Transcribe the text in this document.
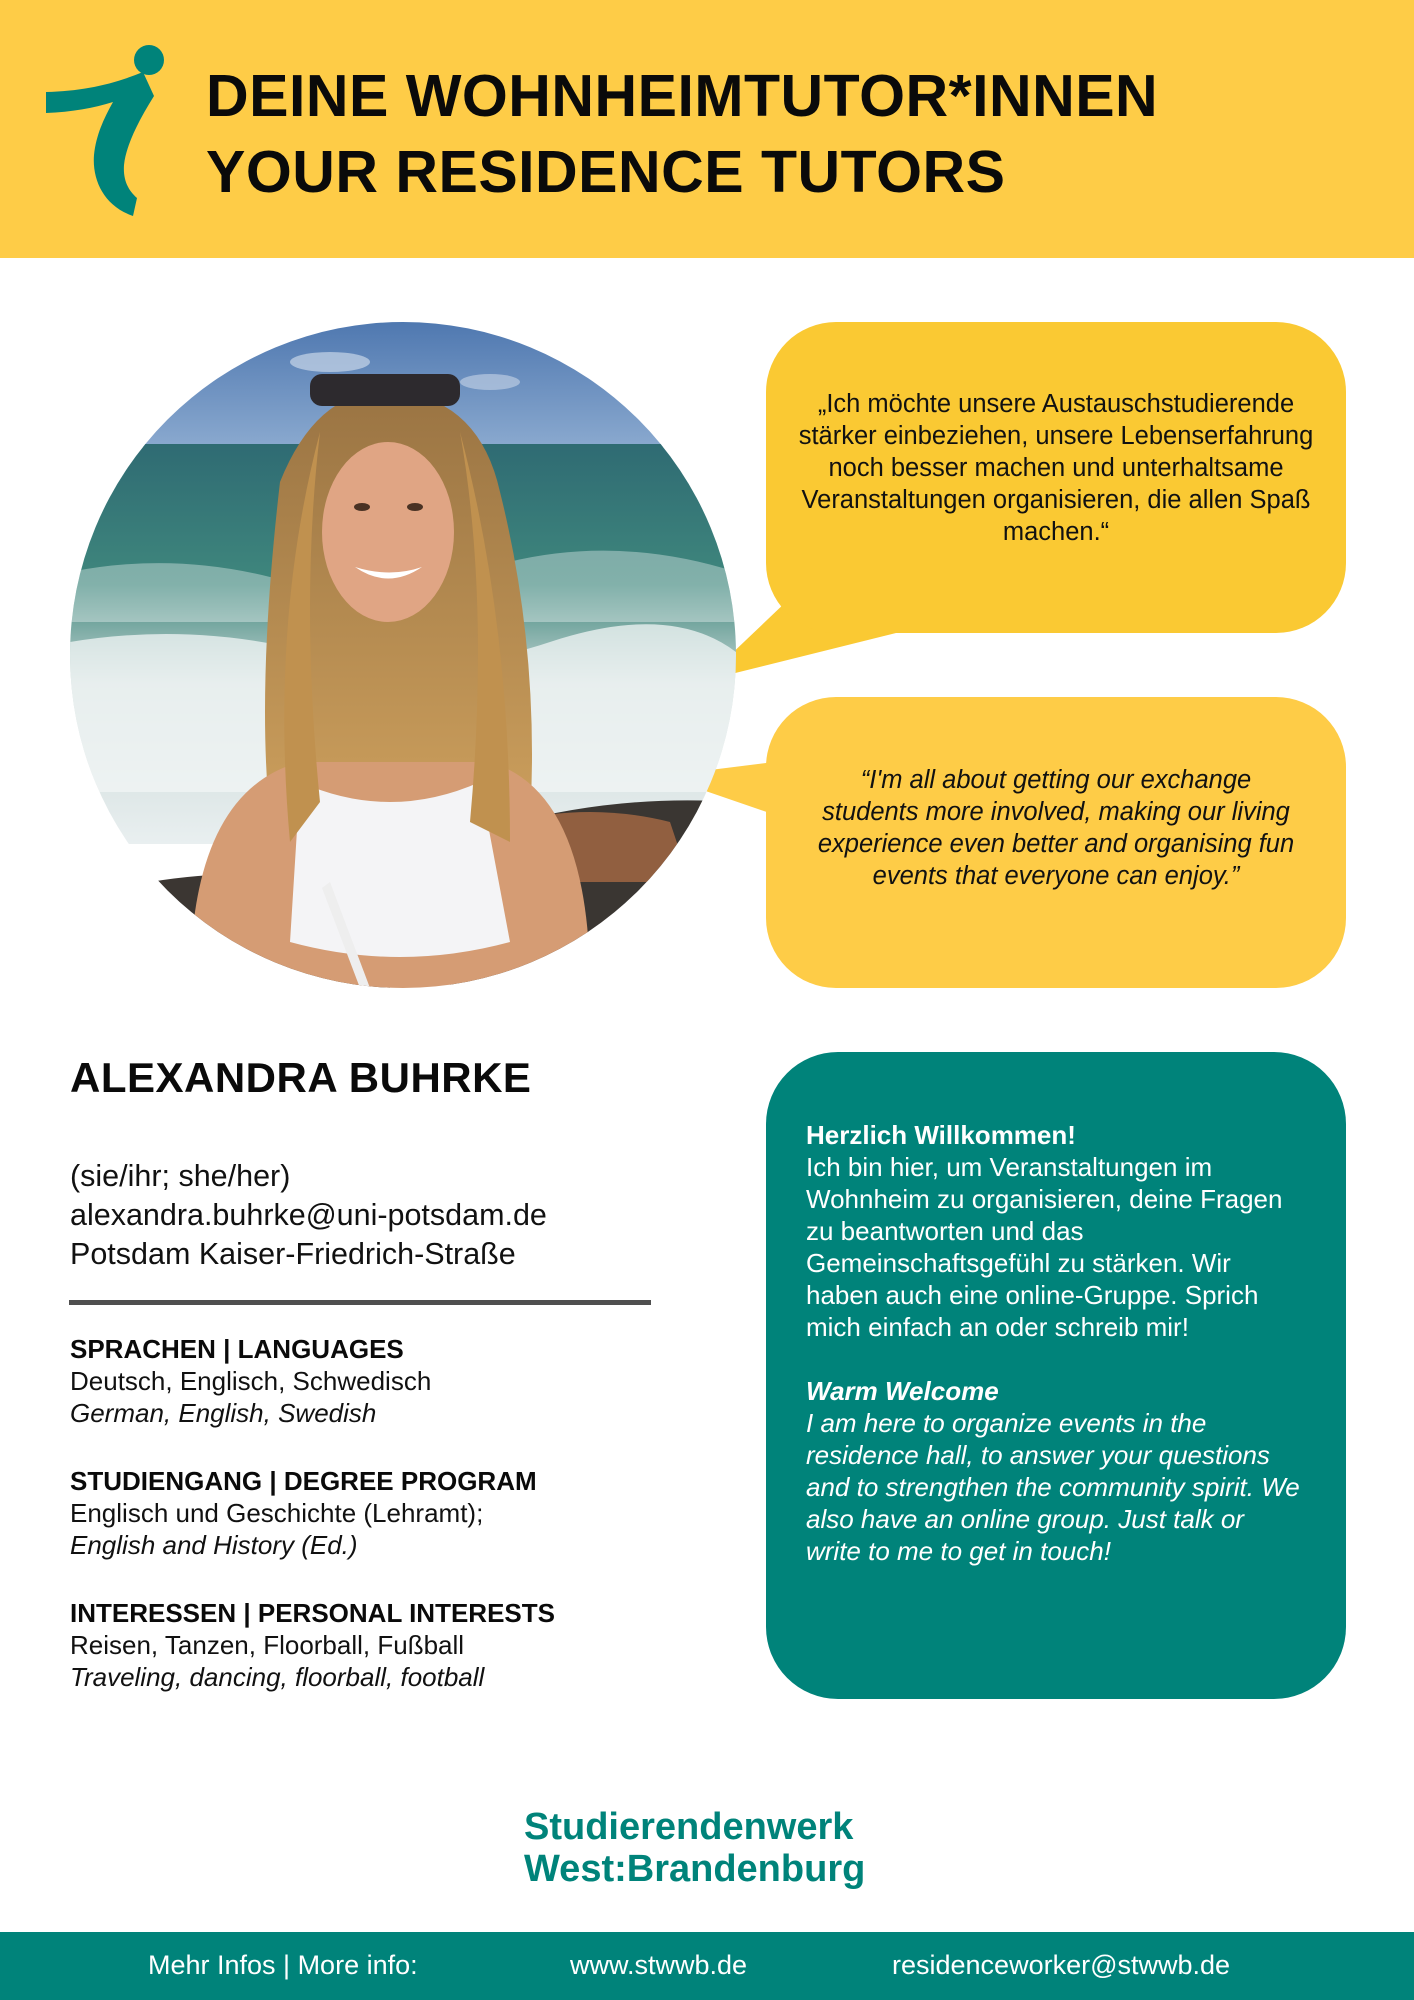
DEINE WOHNHEIMTUTOR*INNEN
YOUR RESIDENCE TUTORS

„Ich möchte unsere Austauschstudierende stärker einbeziehen, unsere Lebenserfahrung noch besser machen und unterhaltsame Veranstaltungen organisieren, die allen Spaß machen.“

“I'm all about getting our exchange students more involved, making our living experience even better and organising fun events that everyone can enjoy.”

ALEXANDRA BUHRKE
(sie/ihr; she/her)
alexandra.buhrke@uni-potsdam.de
Potsdam Kaiser-Friedrich-Straße
SPRACHEN | LANGUAGES
Deutsch, Englisch, Schwedisch
German, English, Swedish
STUDIENGANG | DEGREE PROGRAM
Englisch und Geschichte (Lehramt);
English and History (Ed.)
INTERESSEN | PERSONAL INTERESTS
Reisen, Tanzen, Floorball, Fußball
Traveling, dancing, floorball, football
Herzlich Willkommen!
Ich bin hier, um Veranstaltungen im Wohnheim zu organisieren, deine Fragen zu beantworten und das Gemeinschaftsgefühl zu stärken. Wir haben auch eine online-Gruppe. Sprich mich einfach an oder schreib mir!
Warm Welcome
I am here to organize events in the residence hall, to answer your questions and to strengthen the community spirit. We also have an online group. Just talk or write to me to get in touch!
Studierendenwerk
West:Brandenburg
Mehr Infos | More info:	www.stwwb.de	residenceworker@stwwb.de
